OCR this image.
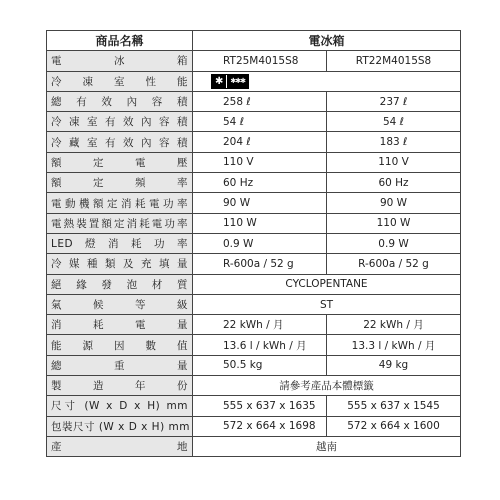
商品名稱	電冰箱	
電冰箱	RT25M4015S8	RT22M4015S8
冷凍室性能	✱ ✱✱✱	

總有效內容積	258 ℓ	237 ℓ
冷凍室有效內容積	54 ℓ	54 ℓ
冷藏室有效內容積	204 ℓ	183 ℓ
額定電壓	110 V	110 V
額定頻率	60 Hz	60 Hz
電動機額定消耗電功率	90 W	90 W
電熱裝置額定消耗電功率	110 W	110 W
LED燈消耗功率	0.9 W	0.9 W
冷媒種類及充填量	R-600a / 52 g	R-600a / 52 g
絕緣發泡材質	CYCLOPENTANE	
氣候等級	ST	
消耗電量	22 kWh / 月	22 kWh / 月
能源因數值	13.6 l / kWh / 月	13.3 l / kWh / 月
總重量	50.5 kg	49 kg
製造年份	請參考產品本體標籤	
尺寸 (W x D x H) mm	555 x 637 x 1635	555 x 637 x 1545
包裝尺寸 (W x D x H) mm	572 x 664 x 1698	572 x 664 x 1600
產地	越南	
